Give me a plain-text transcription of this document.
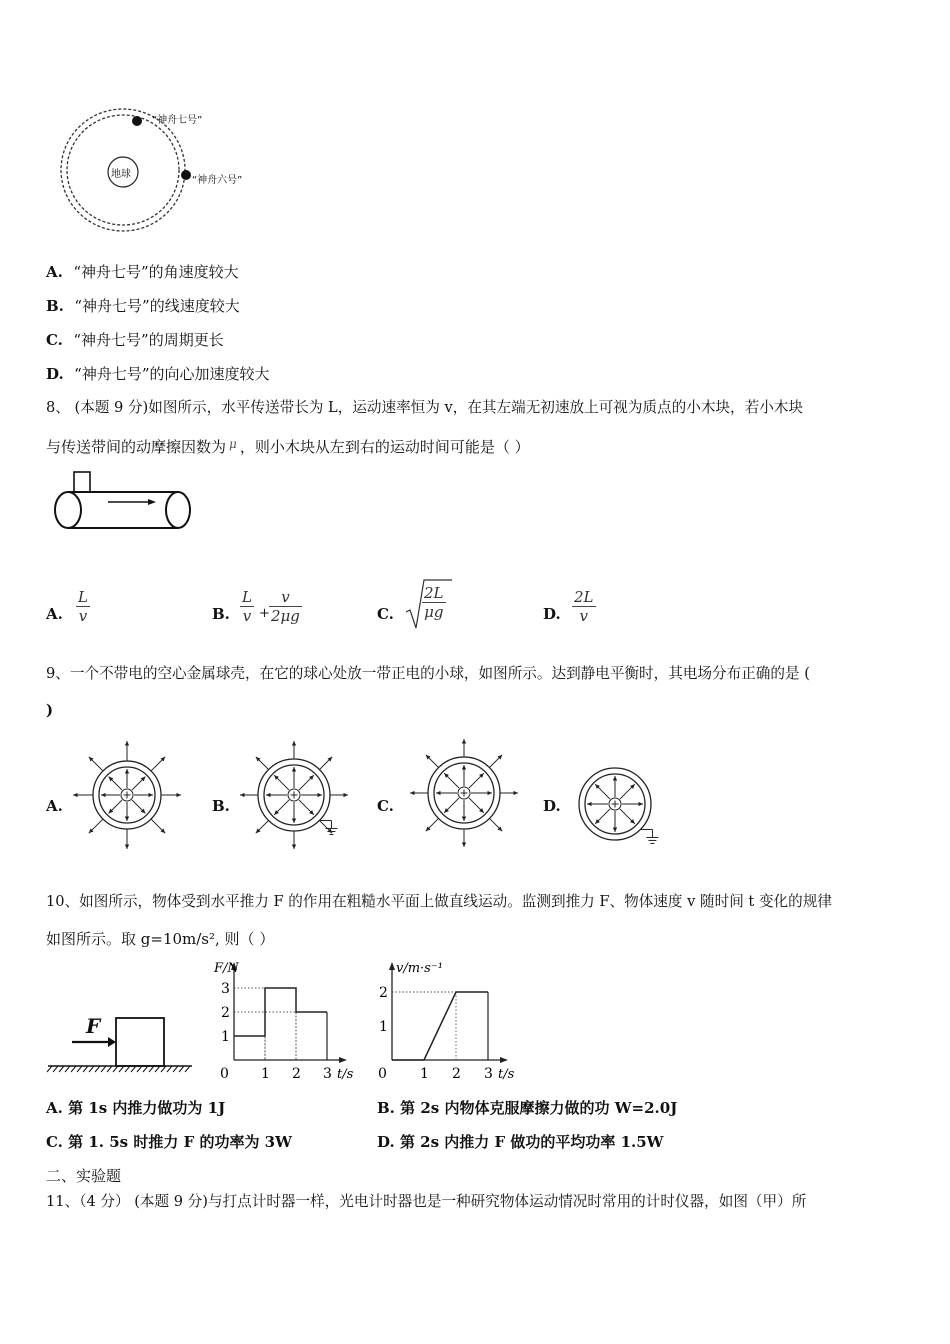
地球
“神舟七号”
“神舟六号”
A. “神舟七号”的角速度较大
B. “神舟七号”的线速度较大
C. “神舟七号”的周期更长
D. “神舟七号”的向心加速度较大
8、 (本题 9 分)如图所示，水平传送带长为 L，运动速率恒为 v，在其左端无初速放上可视为质点的小木块，若小木块
与传送带间的动摩擦因数为 $^\mu$ ，则小木块从左到右的运动时间可能是（ ）
A. $\frac{L}{v}$	B. $\frac{L}{v} + \frac{v}{2\mu g}$	C. $\frac{2L}{\mu g}$	D. $\frac{2L}{v}$
9、一个不带电的空心金属球壳，在它的球心处放一带正电的小球，如图所示。达到静电平衡时，其电场分布正确的是 (
)
A.	B.	C.	D.
10、如图所示，物体受到水平推力 F 的作用在粗糙水平面上做直线运动。监测到推力 F、物体速度 v 随时间 t 变化的规律
如图所示。取 g=10m/s², 则（ ）
F
0 1 2 3
1
2
3
t/s
F/N
0 1 2 3
1
2
t/s
v/m·s⁻¹
A. 第 1s 内推力做功为 1J	B. 第 2s 内物体克服摩擦力做的功 W=2.0J
C. 第 1. 5s 时推力 F 的功率为 3W	D. 第 2s 内推力 F 做功的平均功率 1.5W
二、实验题
11、（4 分） (本题 9 分)与打点计时器一样，光电计时器也是一种研究物体运动情况时常用的计时仪器，如图（甲）所
